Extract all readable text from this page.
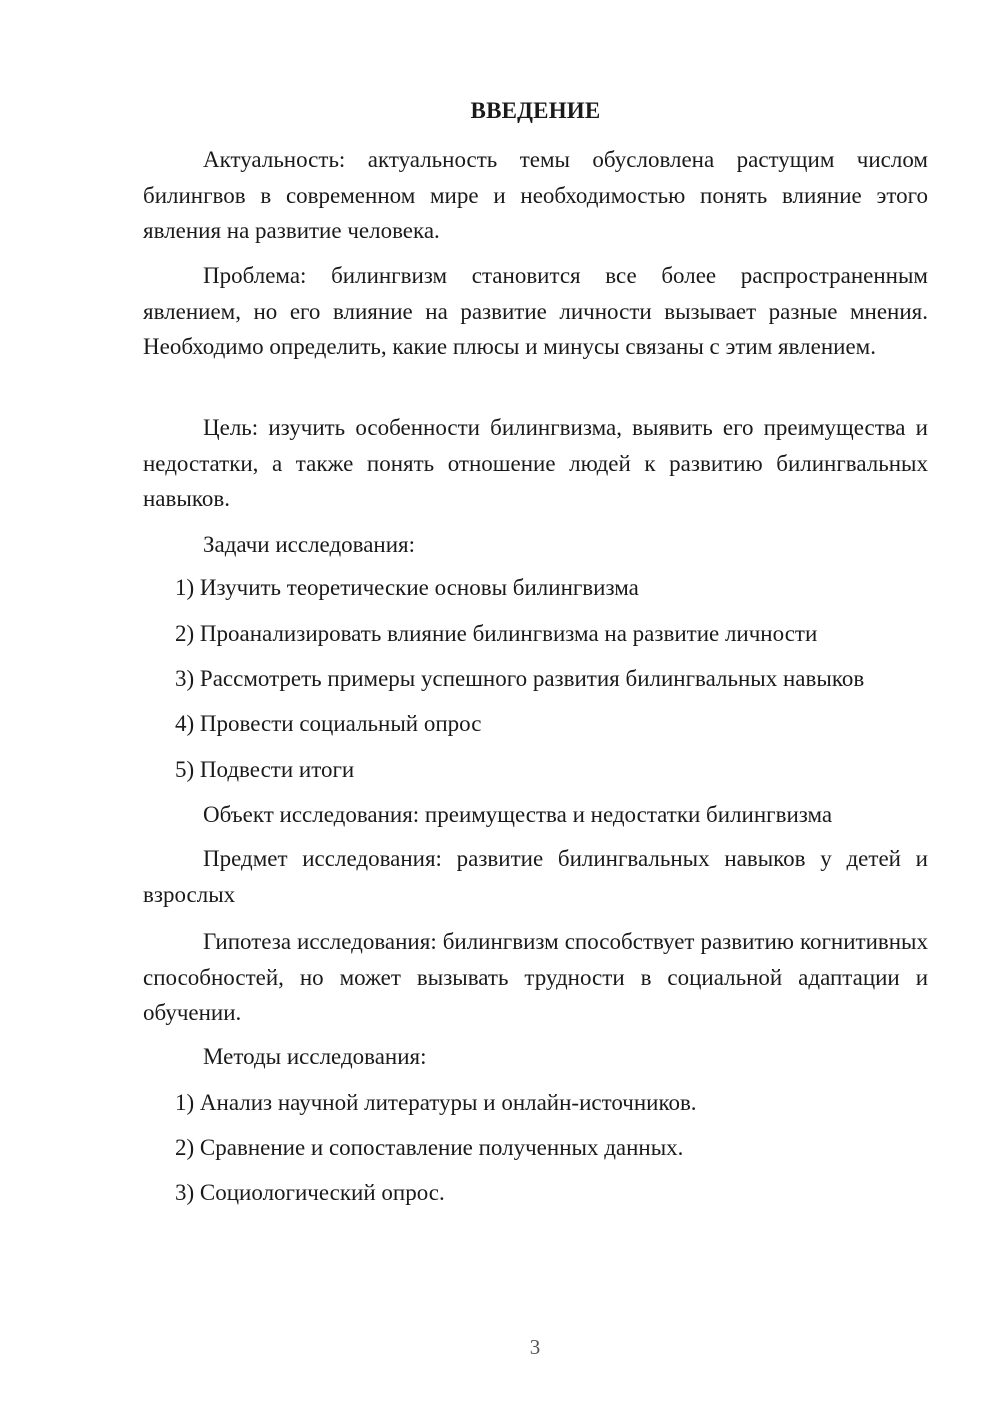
ВВЕДЕНИЕ

Актуальность: актуальность темы обусловлена растущим числом билингвов в современном мире и необходимостью понять влияние этого явления на развитие человека.

Проблема: билингвизм становится все более распространенным явлением, но его влияние на развитие личности вызывает разные мнения. Необходимо определить, какие плюсы и минусы связаны с этим явлением.

Цель: изучить особенности билингвизма, выявить его преимущества и недостатки, а также понять отношение людей к развитию билингвальных навыков.

Задачи исследования:

1) Изучить теоретические основы билингвизма

2) Проанализировать влияние билингвизма на развитие личности

3) Рассмотреть примеры успешного развития билингвальных навыков

4) Провести социальный опрос

5) Подвести итоги

Объект исследования: преимущества и недостатки билингвизма

Предмет исследования: развитие билингвальных навыков у детей и взрослых

Гипотеза исследования: билингвизм способствует развитию когнитивных способностей, но может вызывать трудности в социальной адаптации и обучении.

Методы исследования:

1) Анализ научной литературы и онлайн-источников.

2) Сравнение и сопоставление полученных данных.

3) Социологический опрос.

3
